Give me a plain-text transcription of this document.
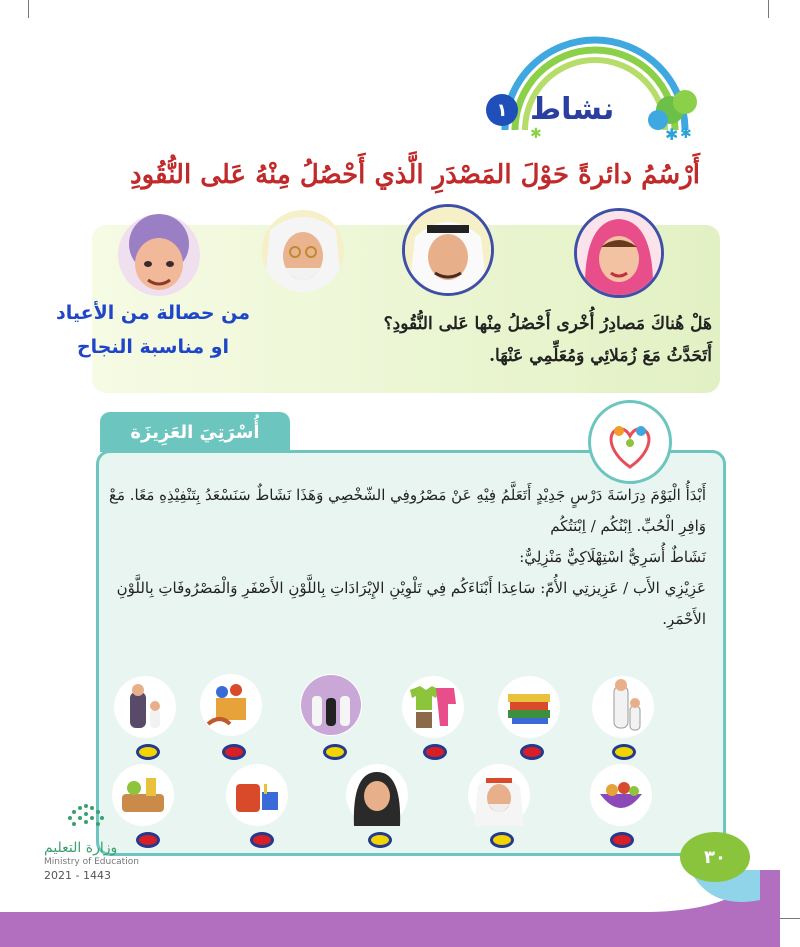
✱ ✱
✱
١ نشاط
أَرْسُمُ دائرةً حَوْلَ المَصْدَرِ الَّذي أَحْصُلُ مِنْهُ عَلى النُّقُودِ
هَلْ هُناكَ مَصادِرُ أُخْرى أَحْصُلُ مِنْها عَلى النُّقُودِ؟
أَتَحَدَّثُ مَعَ زُمَلائِي وَمُعَلِّمِي عَنْهَا.
من حصالة من الأعياد
او مناسبة النجاح
أُسْرَتِيَ العَزِيزَة
أَبْدَأُ الْيَوْمَ دِرَاسَةَ دَرْسٍ جَدِيْدٍ أَتَعَلَّمُ فِيْهِ عَنْ مَصْرُوفِي الشّخْصِي وَهَذَا نَشَاطٌ سَنَسْعَدُ بِتَنْفِيْذِهِ مَعًا. مَعْ وَافِرِ الْحُبِّ. اِبْنُكُم / اِبْنَتُكُم
نَشَاطٌ أُسَرِيٌّ اسْتِهْلَاكِيٌّ مَنْزِلِيٌّ:
عَزِيْزِي الأَب / عَزِيزتِي الأُمّ: سَاعِدَا أَبْنَاءَكُم فِي تَلْوِيْنِ الإِيْرَادَاتِ بِاللَّوْنِ الأَصْفَرِ وَالْمَصْرُوفَاتِ بِاللَّوْنِ الأَحْمَرِ.
وزارة التعليم
Ministry of Education
2021 - 1443
٣٠
